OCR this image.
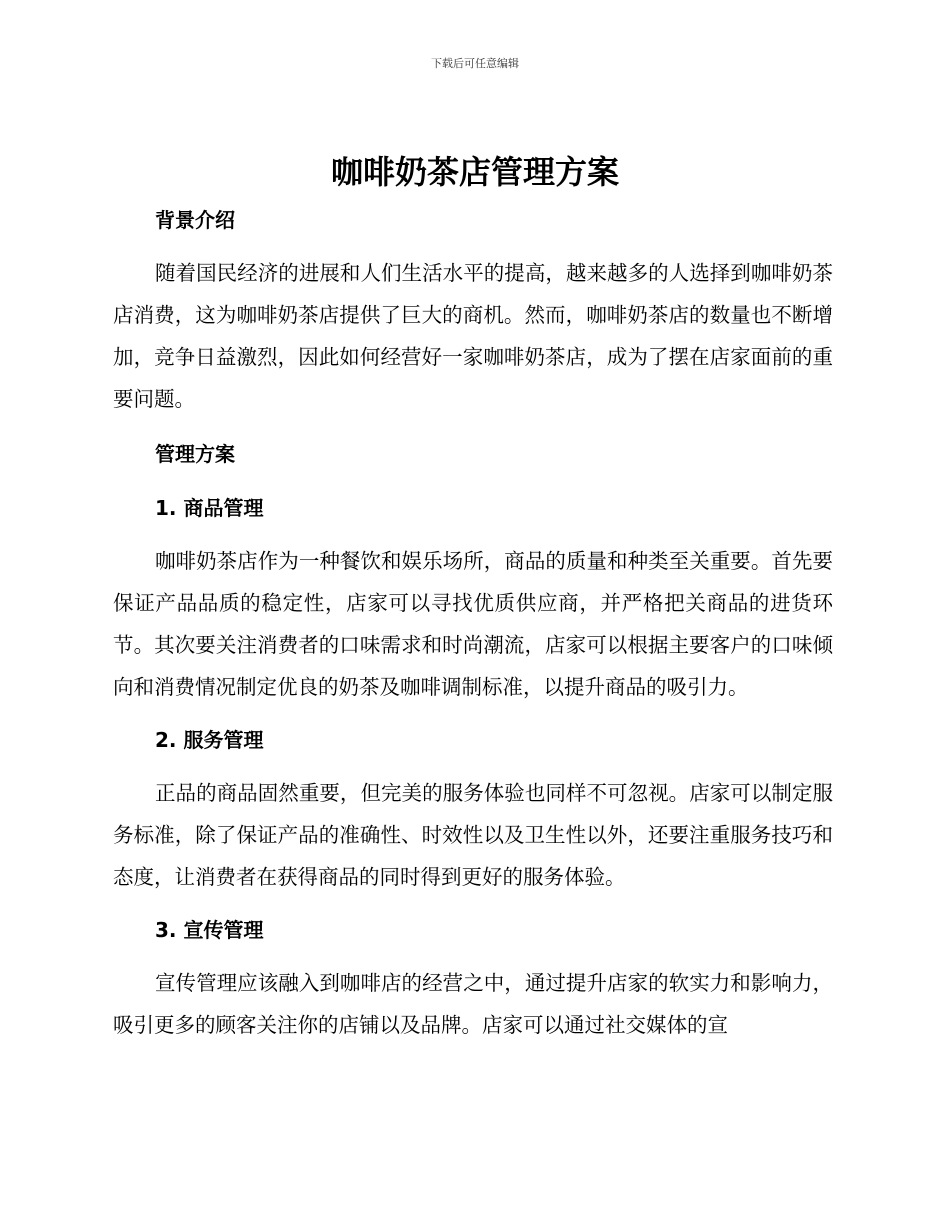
下载后可任意编辑
咖啡奶茶店管理方案
背景介绍

随着国民经济的进展和人们生活水平的提高，越来越多的人选择到咖啡奶茶店消费，这为咖啡奶茶店提供了巨大的商机。然而，咖啡奶茶店的数量也不断增加，竞争日益激烈，因此如何经营好一家咖啡奶茶店，成为了摆在店家面前的重要问题。

管理方案
1. 商品管理

咖啡奶茶店作为一种餐饮和娱乐场所，商品的质量和种类至关重要。首先要保证产品品质的稳定性，店家可以寻找优质供应商，并严格把关商品的进货环节。其次要关注消费者的口味需求和时尚潮流，店家可以根据主要客户的口味倾向和消费情况制定优良的奶茶及咖啡调制标准，以提升商品的吸引力。

2. 服务管理

正品的商品固然重要，但完美的服务体验也同样不可忽视。店家可以制定服务标准，除了保证产品的准确性、时效性以及卫生性以外，还要注重服务技巧和态度，让消费者在获得商品的同时得到更好的服务体验。

3. 宣传管理

宣传管理应该融入到咖啡店的经营之中，通过提升店家的软实力和影响力，吸引更多的顾客关注你的店铺以及品牌。店家可以通过社交媒体的宣
